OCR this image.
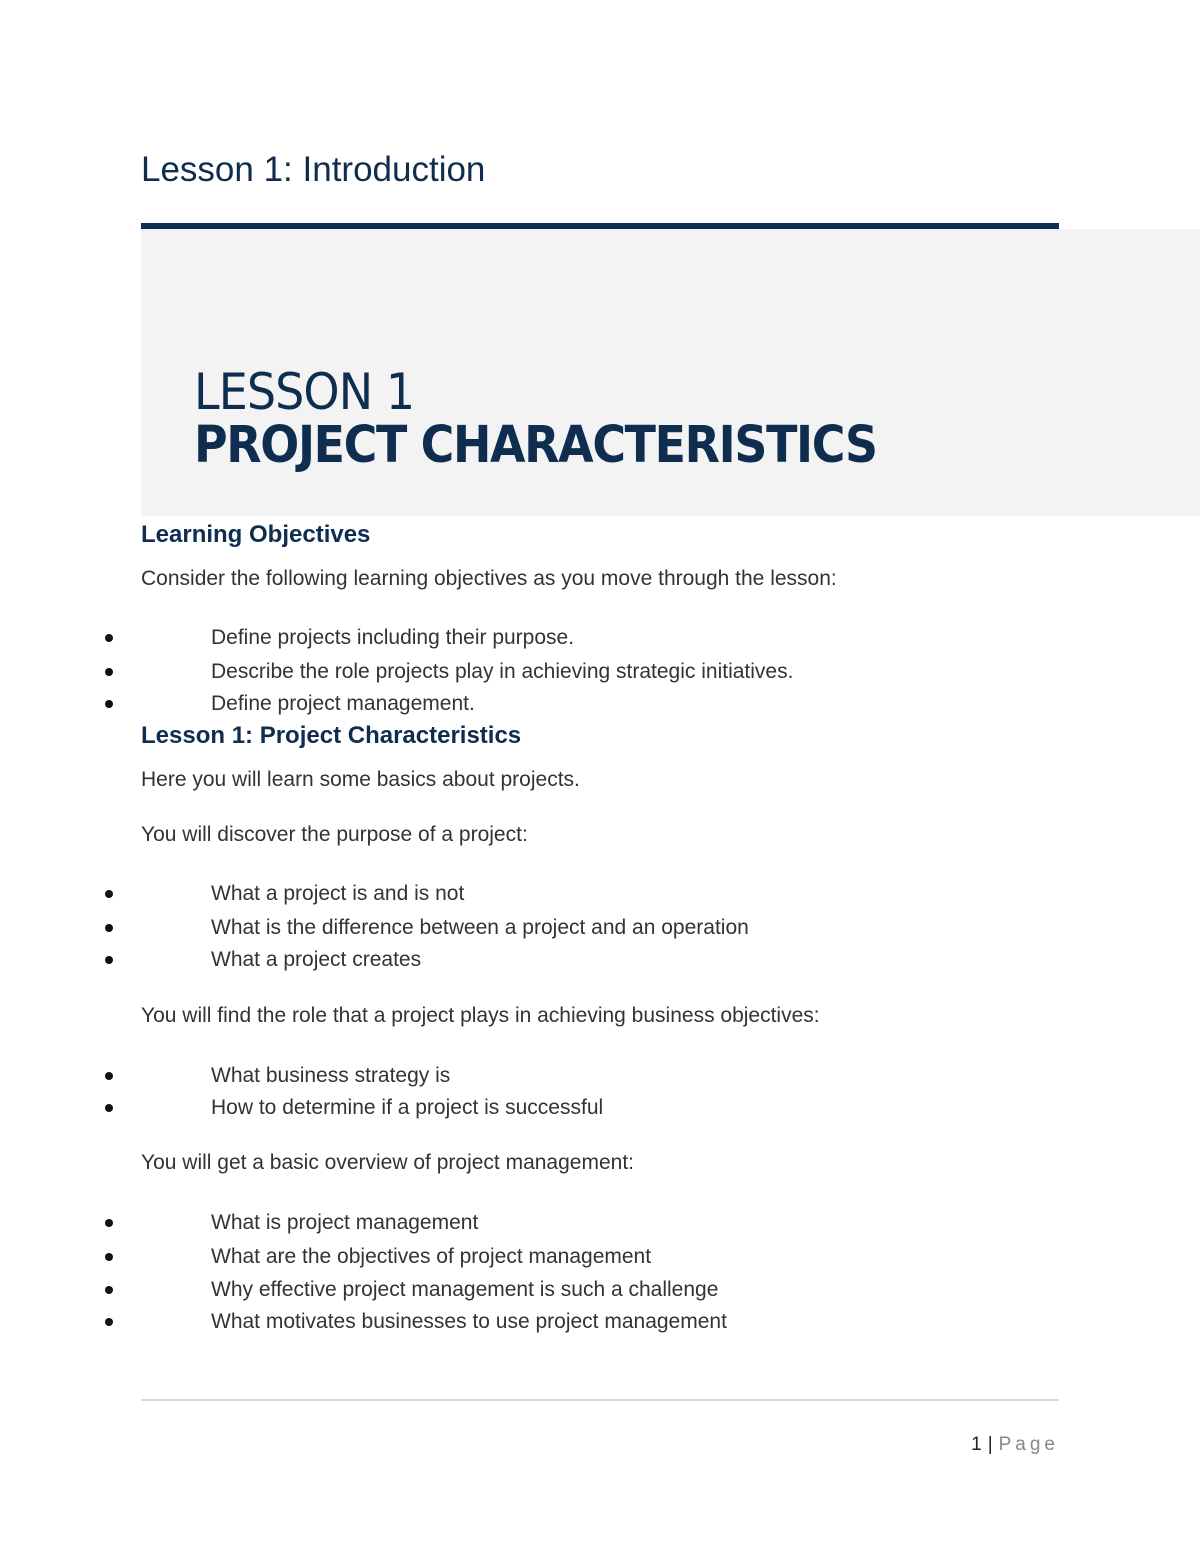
Lesson 1: Introduction
LESSON 1
PROJECT CHARACTERISTICS
Learning Objectives
Consider the following learning objectives as you move through the lesson:
Define projects including their purpose.
Describe the role projects play in achieving strategic initiatives.
Define project management.
Lesson 1: Project Characteristics
Here you will learn some basics about projects.
You will discover the purpose of a project:
What a project is and is not
What is the difference between a project and an operation
What a project creates
You will find the role that a project plays in achieving business objectives:
What business strategy is
How to determine if a project is successful
You will get a basic overview of project management:
What is project management
What are the objectives of project management
Why effective project management is such a challenge
What motivates businesses to use project management
1 | Page
